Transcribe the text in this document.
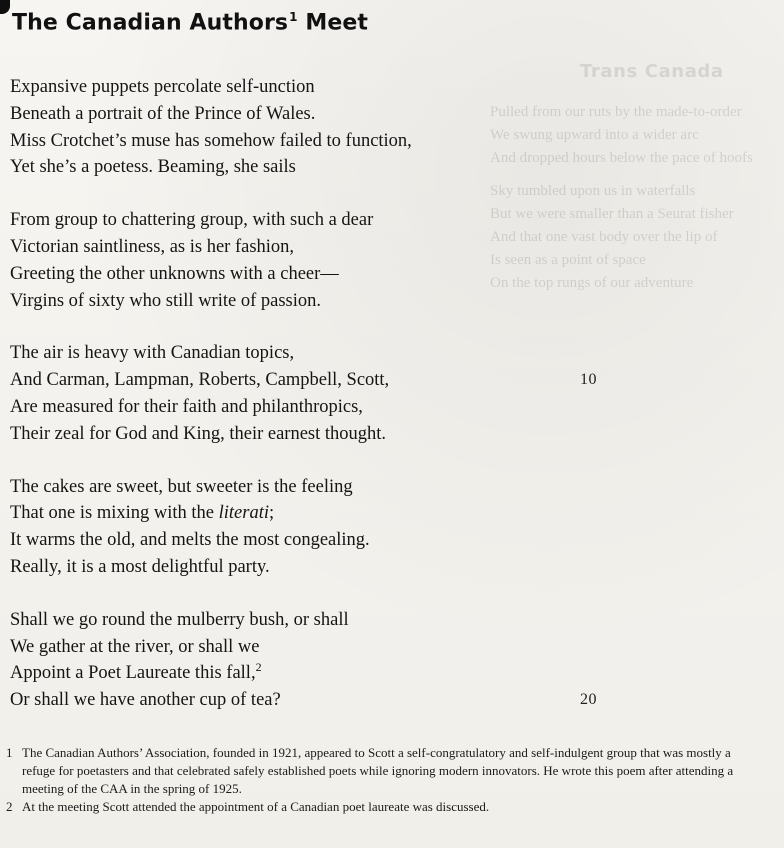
Trans Canada
Pulled from our ruts by the made-to-order
We swung upward into a wider arc
And dropped hours below the pace of hoofs
Sky tumbled upon us in waterfalls
But we were smaller than a Seurat fisher
And that one vast body over the lip of
Is seen as a point of space
On the top rungs of our adventure
The Canadian Authors$^1$ Meet
Expansive puppets percolate self-unction
Beneath a portrait of the Prince of Wales.
Miss Crotchet’s muse has somehow failed to function,
Yet she’s a poetess. Beaming, she sails
From group to chattering group, with such a dear
Victorian saintliness, as is her fashion,
Greeting the other unknowns with a cheer—
Virgins of sixty who still write of passion.
The air is heavy with Canadian topics,
And Carman, Lampman, Roberts, Campbell, Scott,	10
Are measured for their faith and philanthropics,
Their zeal for God and King, their earnest thought.
The cakes are sweet, but sweeter is the feeling
That one is mixing with the literati;
It warms the old, and melts the most congealing.
Really, it is a most delightful party.
Shall we go round the mulberry bush, or shall
We gather at the river, or shall we
Appoint a Poet Laureate this fall,$^2$
Or shall we have another cup of tea?	20
1 The Canadian Authors’ Association, founded in 1921, appeared to Scott a self-congratulatory and self-indulgent group that was mostly a refuge for poetasters and that celebrated safely established poets while ignoring modern innovators. He wrote this poem after attending a meeting of the CAA in the spring of 1925.
2 At the meeting Scott attended the appointment of a Canadian poet laureate was discussed.
